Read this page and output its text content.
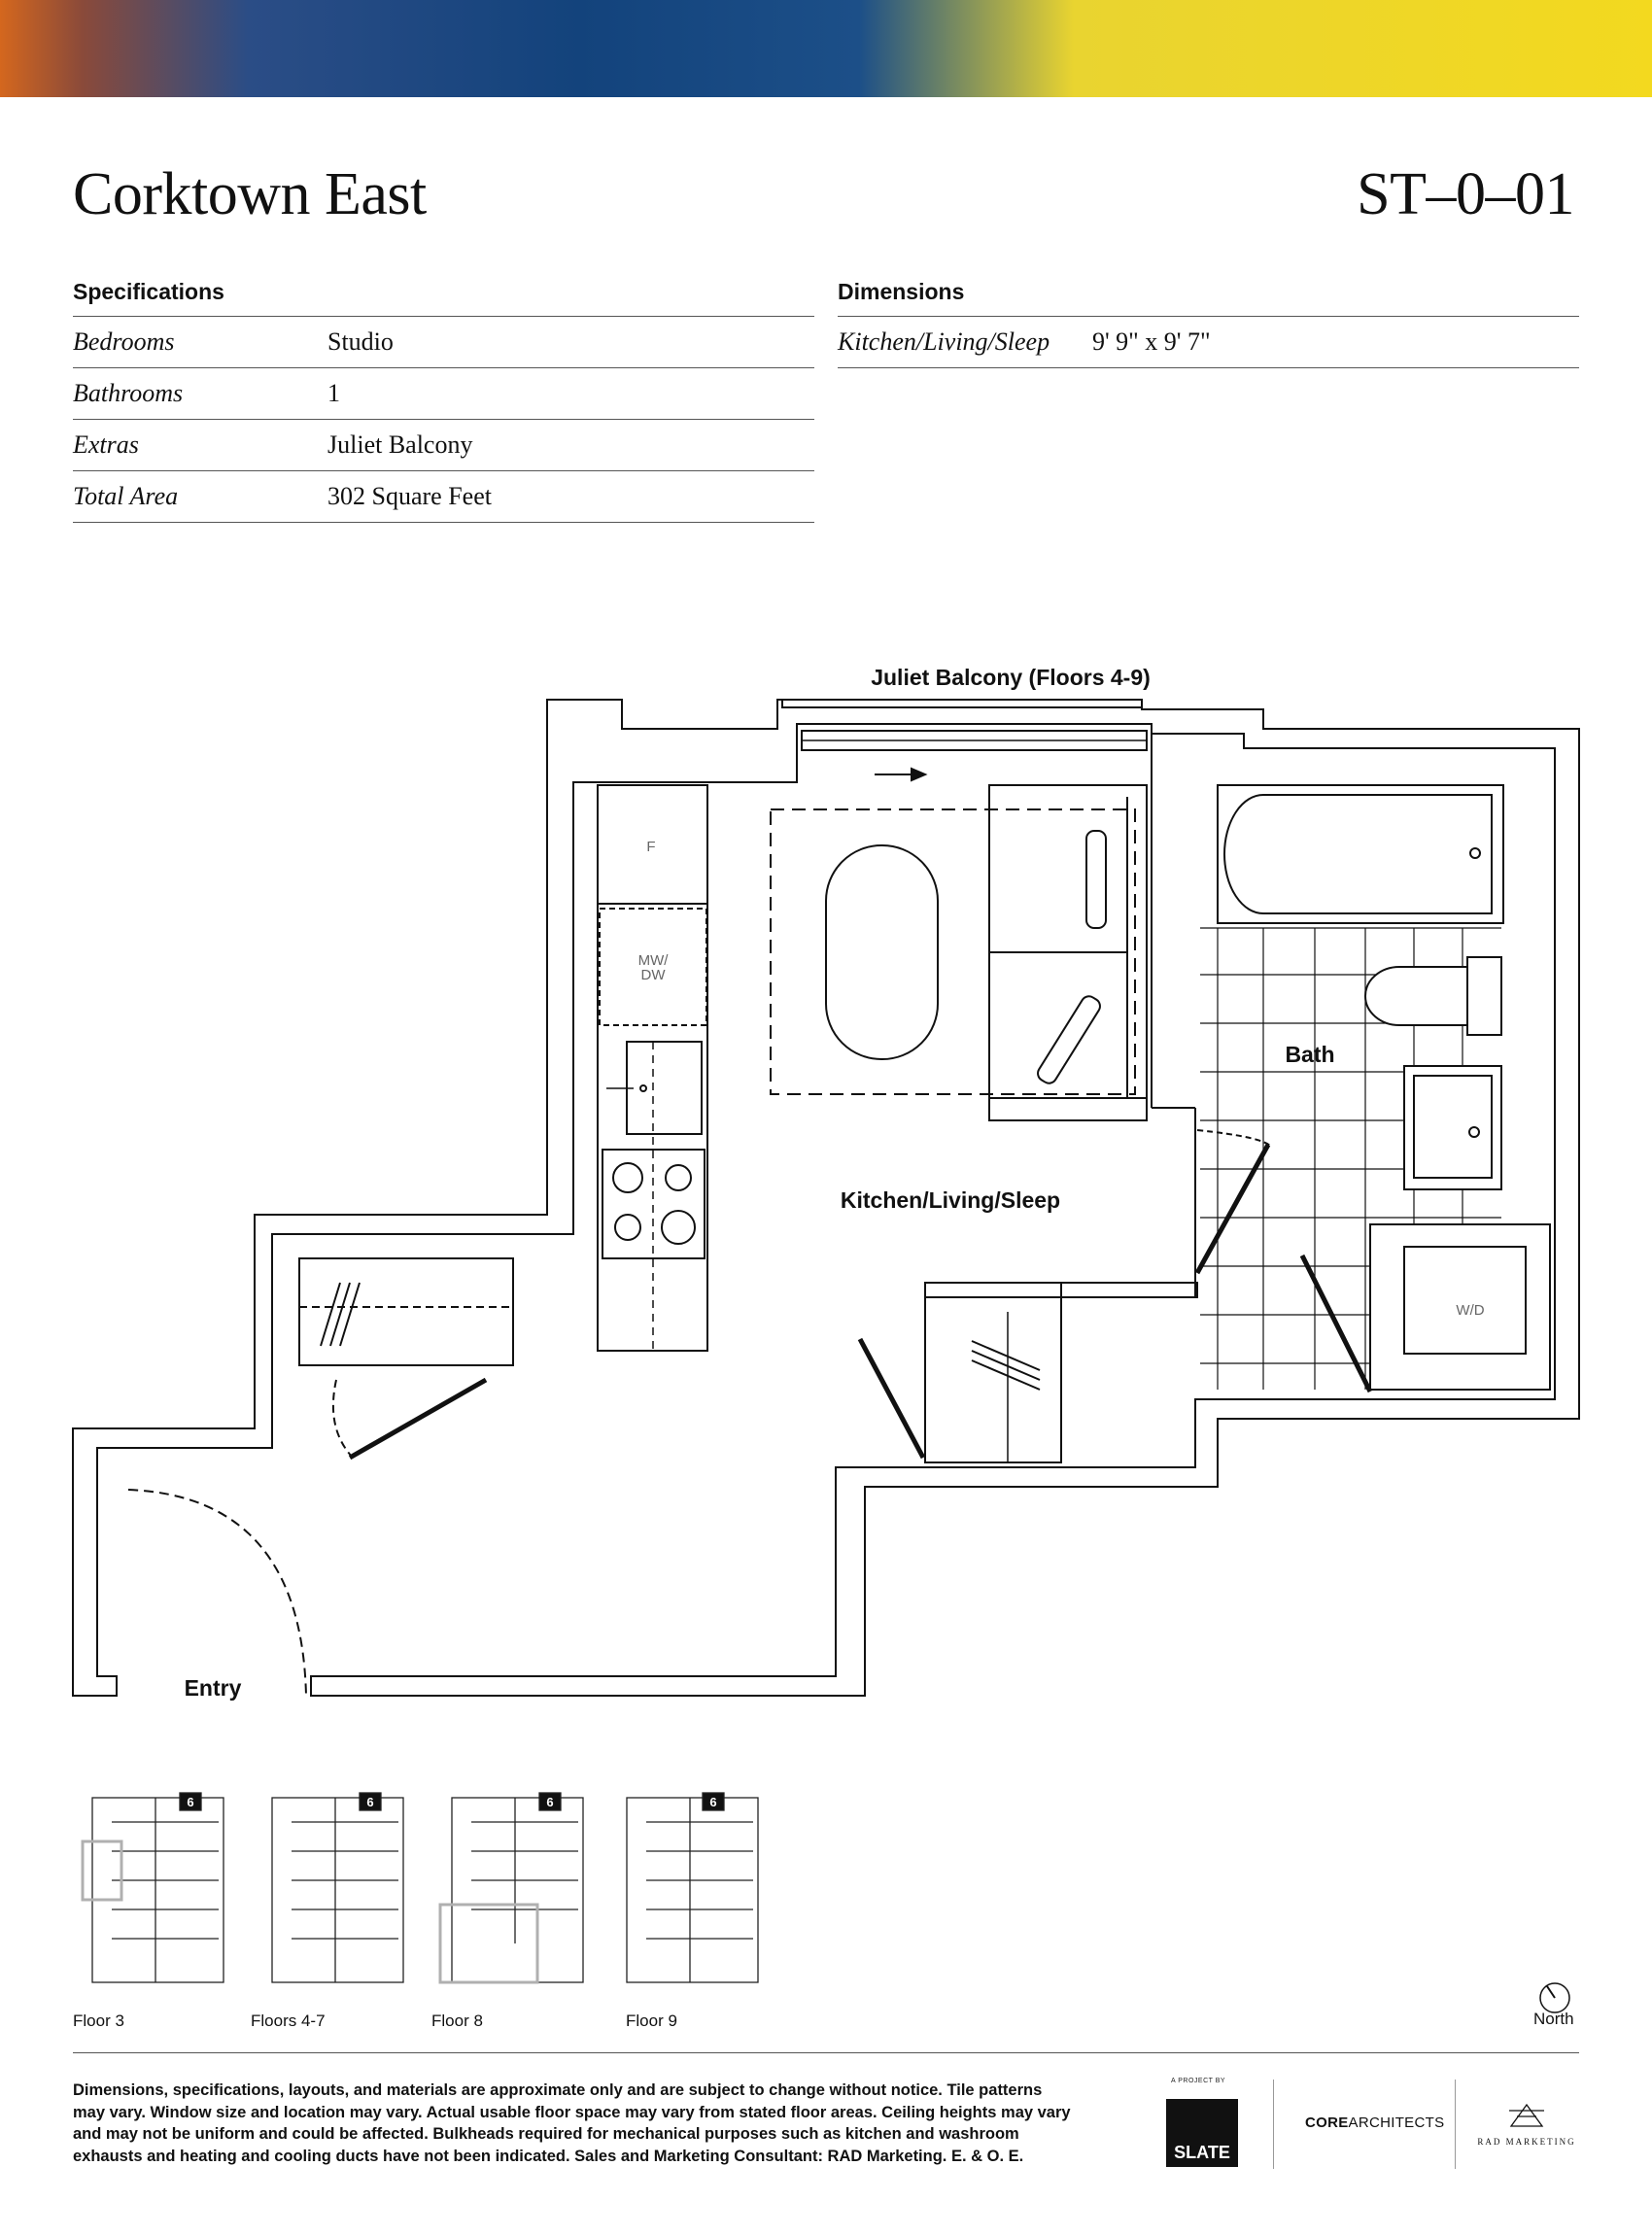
Corktown East	ST–0–01
Specifications
Bedrooms	Studio
Bathrooms	1
Extras	Juliet Balcony
Total Area	302 Square Feet
Dimensions
Kitchen/Living/Sleep	9' 9" x 9' 7"
Juliet Balcony (Floors 4-9)
Kitchen/Living/Sleep
Bath
Entry
F
MW/
DW
W/D
6	6	6	6
Floor 3	Floors 4-7	Floor 8	Floor 9	North
Dimensions, specifications, layouts, and materials are approximate only and are subject to change without notice. Tile patterns may vary. Window size and location may vary. Actual usable floor space may vary from stated floor areas. Ceiling heights may vary and may not be uniform and could be affected. Bulkheads required for mechanical purposes such as kitchen and washroom exhausts and heating and cooling ducts have not been indicated. Sales and Marketing Consultant: RAD Marketing. E. & O. E.
A PROJECT BY
SLATE
COREARCHITECTS
RAD MARKETING
